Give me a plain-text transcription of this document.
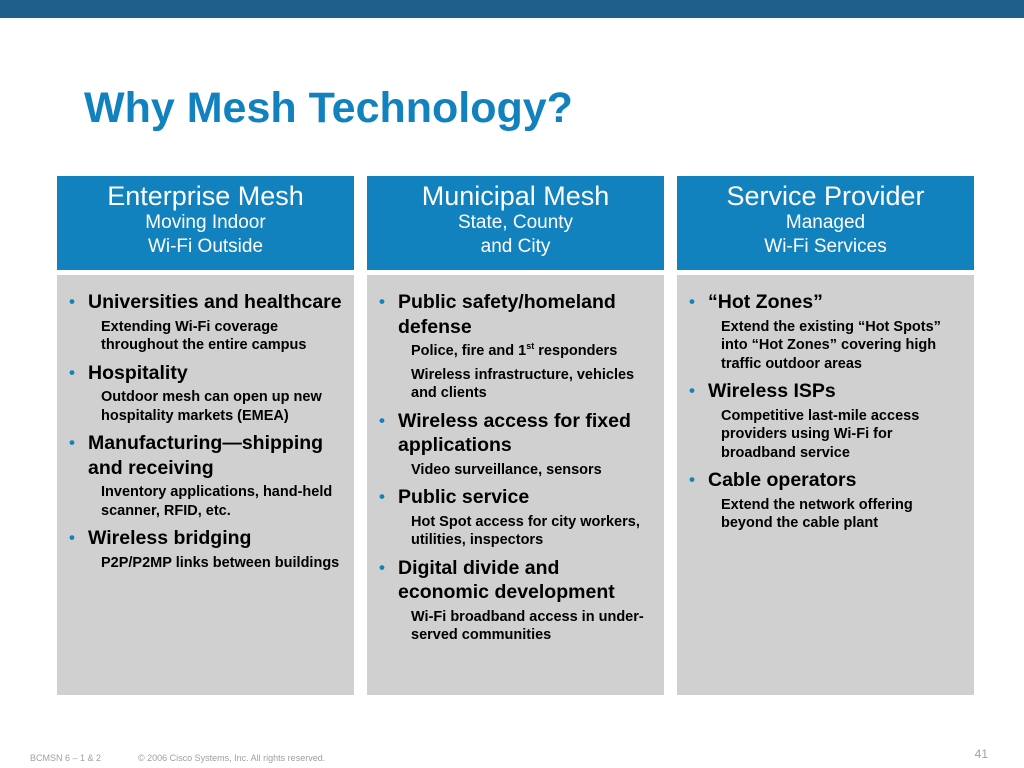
Why Mesh Technology?
Enterprise Mesh
Moving Indoor
Wi-Fi Outside
• Universities and healthcare
Extending Wi-Fi coverage throughout the entire campus
• Hospitality
Outdoor mesh can open up new hospitality markets (EMEA)
• Manufacturing—shipping and receiving
Inventory applications, hand-held scanner, RFID, etc.
• Wireless bridging
P2P/P2MP links between buildings
Municipal Mesh
State, County
and City
• Public safety/homeland defense
Police, fire and 1st responders
Wireless infrastructure, vehicles and clients
• Wireless access for fixed applications
Video surveillance, sensors
• Public service
Hot Spot access for city workers, utilities, inspectors
• Digital divide and economic development
Wi-Fi broadband access in under-served communities
Service Provider
Managed
Wi-Fi Services
• “Hot Zones”
Extend the existing “Hot Spots” into “Hot Zones” covering high traffic outdoor areas
• Wireless ISPs
Competitive last-mile access providers using Wi-Fi for broadband service
• Cable operators
Extend the network offering beyond the cable plant
BCMSN 6 – 1 & 2	© 2006 Cisco Systems, Inc. All rights reserved.	41
